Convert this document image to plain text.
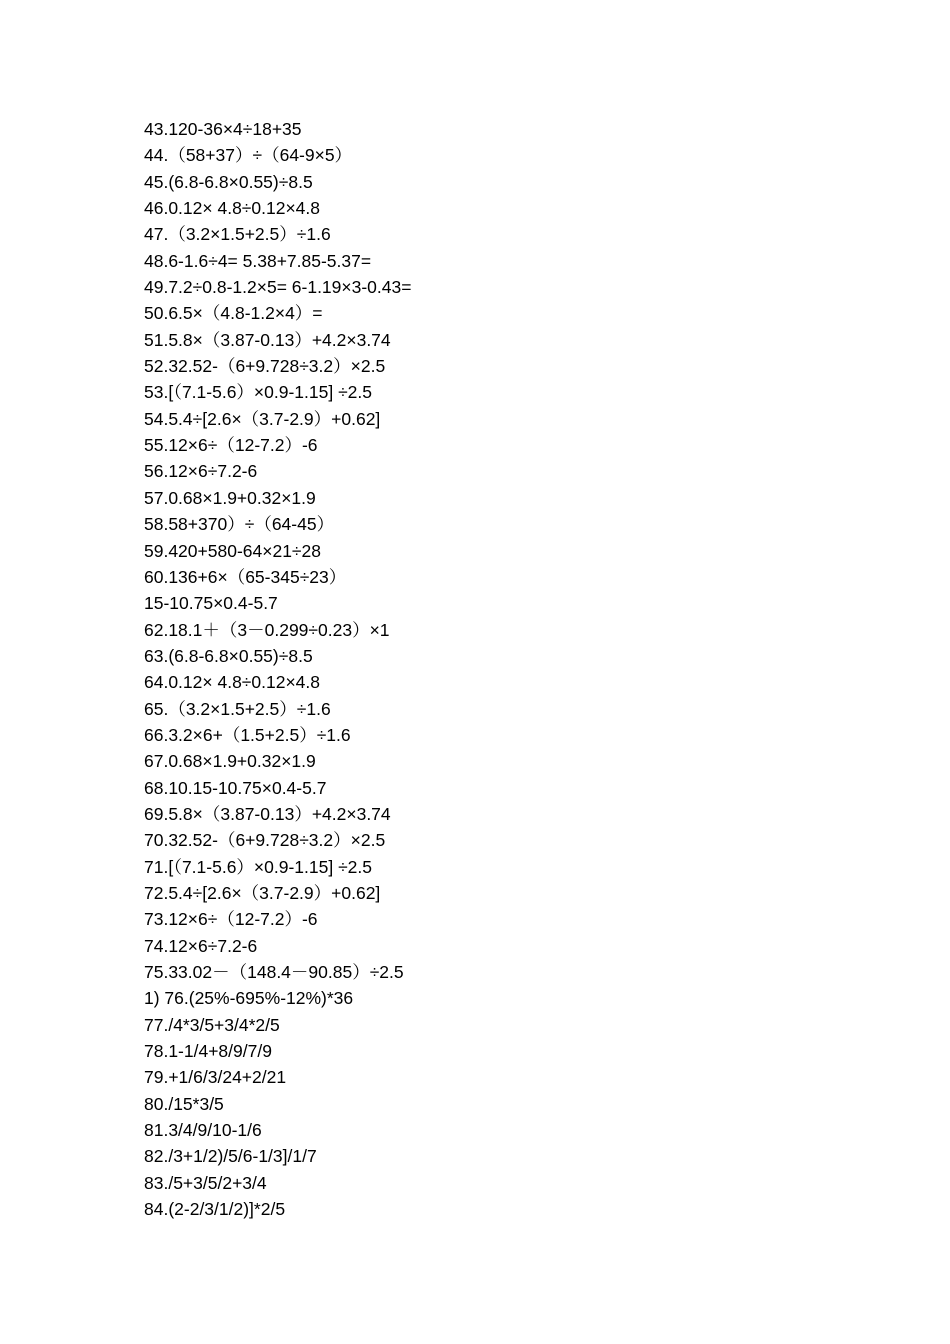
43.120-36×4÷18+35
44.（58+37）÷（64-9×5）
45.(6.8-6.8×0.55)÷8.5
46.0.12× 4.8÷0.12×4.8
47.（3.2×1.5+2.5）÷1.6
48.6-1.6÷4= 5.38+7.85-5.37=
49.7.2÷0.8-1.2×5= 6-1.19×3-0.43=
50.6.5×（4.8-1.2×4）=
51.5.8×（3.87-0.13）+4.2×3.74
52.32.52-（6+9.728÷3.2）×2.5
53.[（7.1-5.6）×0.9-1.15] ÷2.5
54.5.4÷[2.6×（3.7-2.9）+0.62]
55.12×6÷（12-7.2）-6
56.12×6÷7.2-6
57.0.68×1.9+0.32×1.9
58.58+370）÷（64-45）
59.420+580-64×21÷28
60.136+6×（65-345÷23）
15-10.75×0.4-5.7
62.18.1＋（3－0.299÷0.23）×1
63.(6.8-6.8×0.55)÷8.5
64.0.12× 4.8÷0.12×4.8
65.（3.2×1.5+2.5）÷1.6
66.3.2×6+（1.5+2.5）÷1.6
67.0.68×1.9+0.32×1.9
68.10.15-10.75×0.4-5.7
69.5.8×（3.87-0.13）+4.2×3.74
70.32.52-（6+9.728÷3.2）×2.5
71.[（7.1-5.6）×0.9-1.15] ÷2.5
72.5.4÷[2.6×（3.7-2.9）+0.62]
73.12×6÷（12-7.2）-6
74.12×6÷7.2-6
75.33.02－（148.4－90.85）÷2.5
1) 76.(25%-695%-12%)*36
77./4*3/5+3/4*2/5
78.1-1/4+8/9/7/9
79.+1/6/3/24+2/21
80./15*3/5
81.3/4/9/10-1/6
82./3+1/2)/5/6-1/3]/1/7
83./5+3/5/2+3/4
84.(2-2/3/1/2)]*2/5
